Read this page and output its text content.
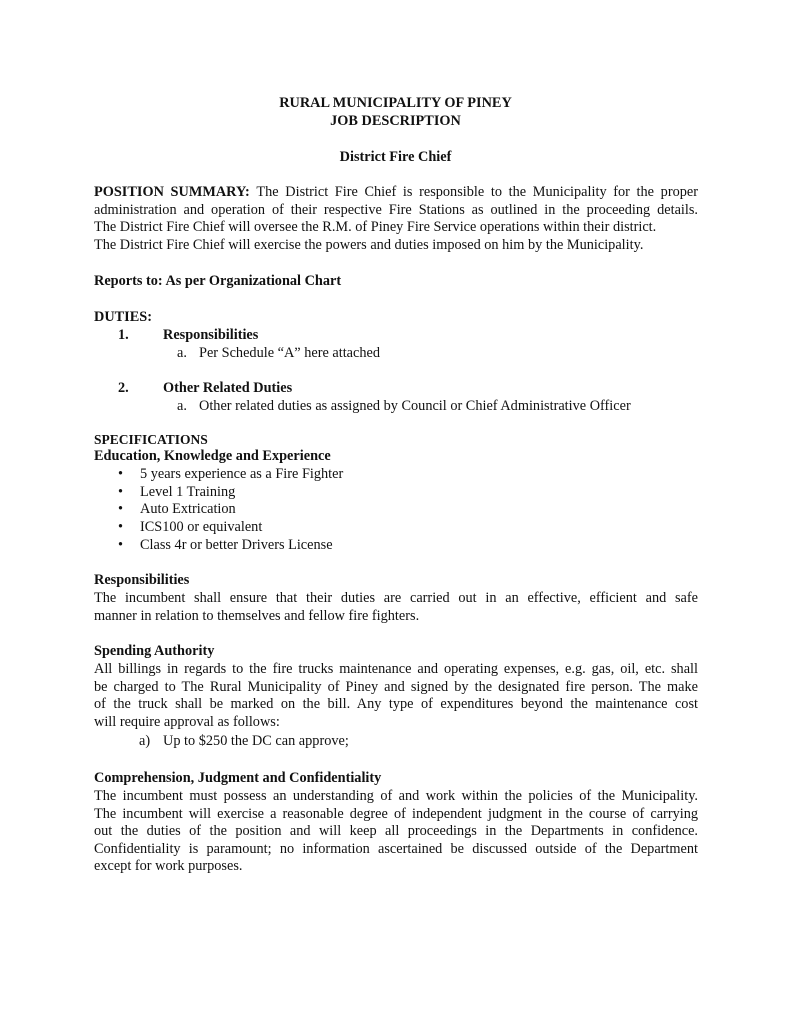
RURAL MUNICIPALITY OF PINEY
JOB DESCRIPTION
District Fire Chief
POSITION SUMMARY: The District Fire Chief is responsible to the Municipality for the proper
administration and operation of their respective Fire Stations as outlined in the proceeding details.
The District Fire Chief will oversee the R.M. of Piney Fire Service operations within their district.
The District Fire Chief will exercise the powers and duties imposed on him by the Municipality.
Reports to: As per Organizational Chart
DUTIES:
1. Responsibilities
a. Per Schedule “A” here attached
2. Other Related Duties
a. Other related duties as assigned by Council or Chief Administrative Officer
SPECIFICATIONS
Education, Knowledge and Experience
• 5 years experience as a Fire Fighter
• Level 1 Training
• Auto Extrication
• ICS100 or equivalent
• Class 4r or better Drivers License
Responsibilities
The incumbent shall ensure that their duties are carried out in an effective, efficient and safe
manner in relation to themselves and fellow fire fighters.
Spending Authority
All billings in regards to the fire trucks maintenance and operating expenses, e.g. gas, oil, etc. shall
be charged to The Rural Municipality of Piney and signed by the designated fire person. The make
of the truck shall be marked on the bill. Any type of expenditures beyond the maintenance cost
will require approval as follows:
a) Up to $250 the DC can approve;
Comprehension, Judgment and Confidentiality
The incumbent must possess an understanding of and work within the policies of the Municipality.
The incumbent will exercise a reasonable degree of independent judgment in the course of carrying
out the duties of the position and will keep all proceedings in the Departments in confidence.
Confidentiality is paramount; no information ascertained be discussed outside of the Department
except for work purposes.
